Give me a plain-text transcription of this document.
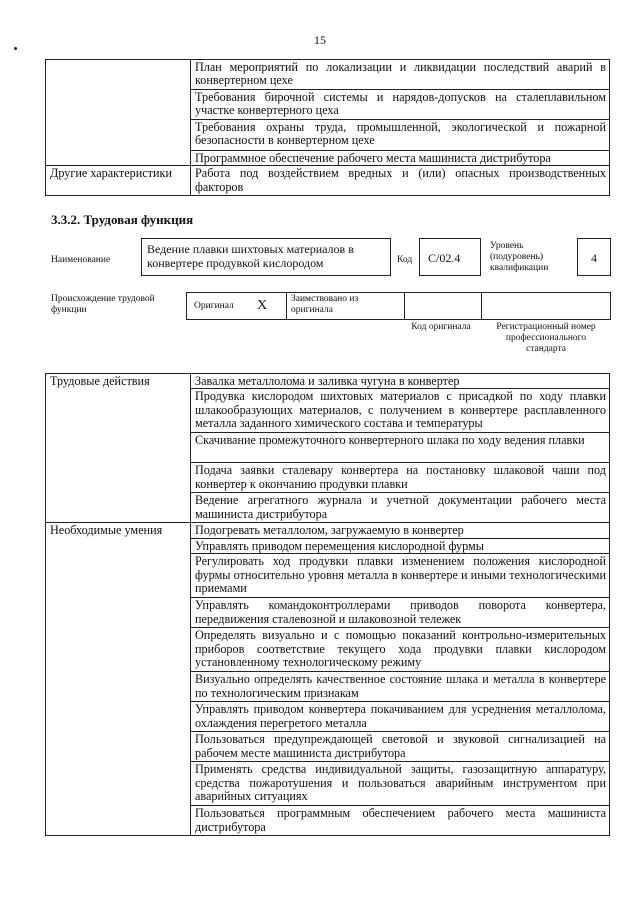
15
	План мероприятий по локализации и ликвидации последствий аварий в конвертерном цехе
	Требования бирочной системы и нарядов-допусков на сталеплавильном участке конвертерного цеха
	Требования охраны труда, промышленной, экологической и пожарной безопасности в конвертерном цехе
	Программное обеспечение рабочего места машиниста дистрибутора
Другие характеристики	Работа под воздействием вредных и (или) опасных производственных факторов
3.3.2. Трудовая функция
Наименование
Ведение плавки шихтовых материалов в конвертере продувкой кислородом	Код	C/02.4
Уровень (подуровень) квалификации
4
Происхождение трудовой функции	Оригинал X	Заимствовано из оригинала
Код оригинала	Регистрационный номер профессионального стандарта
Трудовые действия	Завалка металлолома и заливка чугуна в конвертер
	Продувка кислородом шихтовых материалов с присадкой по ходу плавки шлакообразующих материалов, с получением в конвертере расплавленного металла заданного химического состава и температуры
	Скачивание промежуточного конвертерного шлака по ходу ведения плавки
	Подача заявки сталевару конвертера на постановку шлаковой чаши под конвертер к окончанию продувки плавки
	Ведение агрегатного журнала и учетной документации рабочего места машиниста дистрибутора
Необходимые умения	Подогревать металлолом, загружаемую в конвертер
	Управлять приводом перемещения кислородной фурмы
	Регулировать ход продувки плавки изменением положения кислородной фурмы относительно уровня металла в конвертере и иными технологическими приемами
	Управлять командоконтроллерами приводов поворота конвертера, передвижения сталевозной и шлаковозной тележек
	Определять визуально и с помощью показаний контрольно-измерительных приборов соответствие текущего хода продувки плавки кислородом установленному технологическому режиму
	Визуально определять качественное состояние шлака и металла в конвертере по технологическим признакам
	Управлять приводом конвертера покачиванием для усреднения металлолома, охлаждения перегретого металла
	Пользоваться предупреждающей световой и звуковой сигнализацией на рабочем месте машиниста дистрибутора
	Применять средства индивидуальной защиты, газозащитную аппаратуру, средства пожаротушения и пользоваться аварийным инструментом при аварийных ситуациях
	Пользоваться программным обеспечением рабочего места машиниста дистрибутора
